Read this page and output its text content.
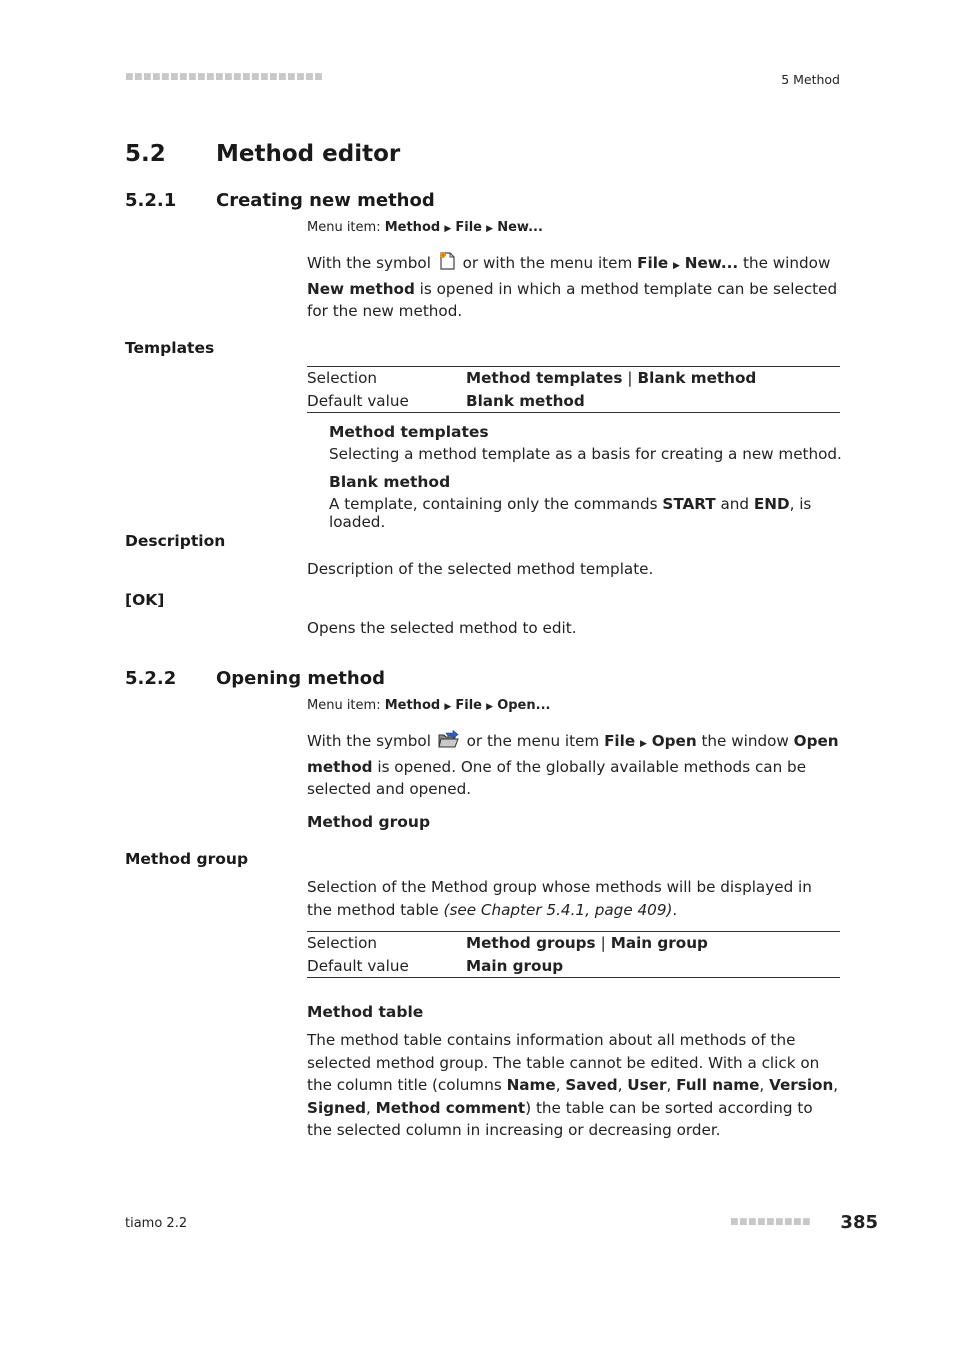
■■■■■■■■■■■■■■■■■■■■■■	5 Method
5.2 Method editor
5.2.1 Creating new method
Menu item: Method ▶ File ▶ New...
With the symbol  or with the menu item File ▶ New... the window New method is opened in which a method template can be selected for the new method.
Templates
Selection	Method templates | Blank method
Default value	Blank method
Method templates
Selecting a method template as a basis for creating a new method.
Blank method
A template, containing only the commands START and END, is loaded.
Description
Description of the selected method template.
[OK]
Opens the selected method to edit.
5.2.2 Opening method
Menu item: Method ▶ File ▶ Open...
With the symbol  or the menu item File ▶ Open the window Open method is opened. One of the globally available methods can be selected and opened.
Method group
Method group
Selection of the Method group whose methods will be displayed in the method table (see Chapter 5.4.1, page 409).
Selection	Method groups | Main group
Default value	Main group
Method table
The method table contains information about all methods of the selected method group. The table cannot be edited. With a click on the column title (columns Name, Saved, User, Full name, Version, Signed, Method comment) the table can be sorted according to the selected column in increasing or decreasing order.
tiamo 2.2	■■■■■■■■■	385
